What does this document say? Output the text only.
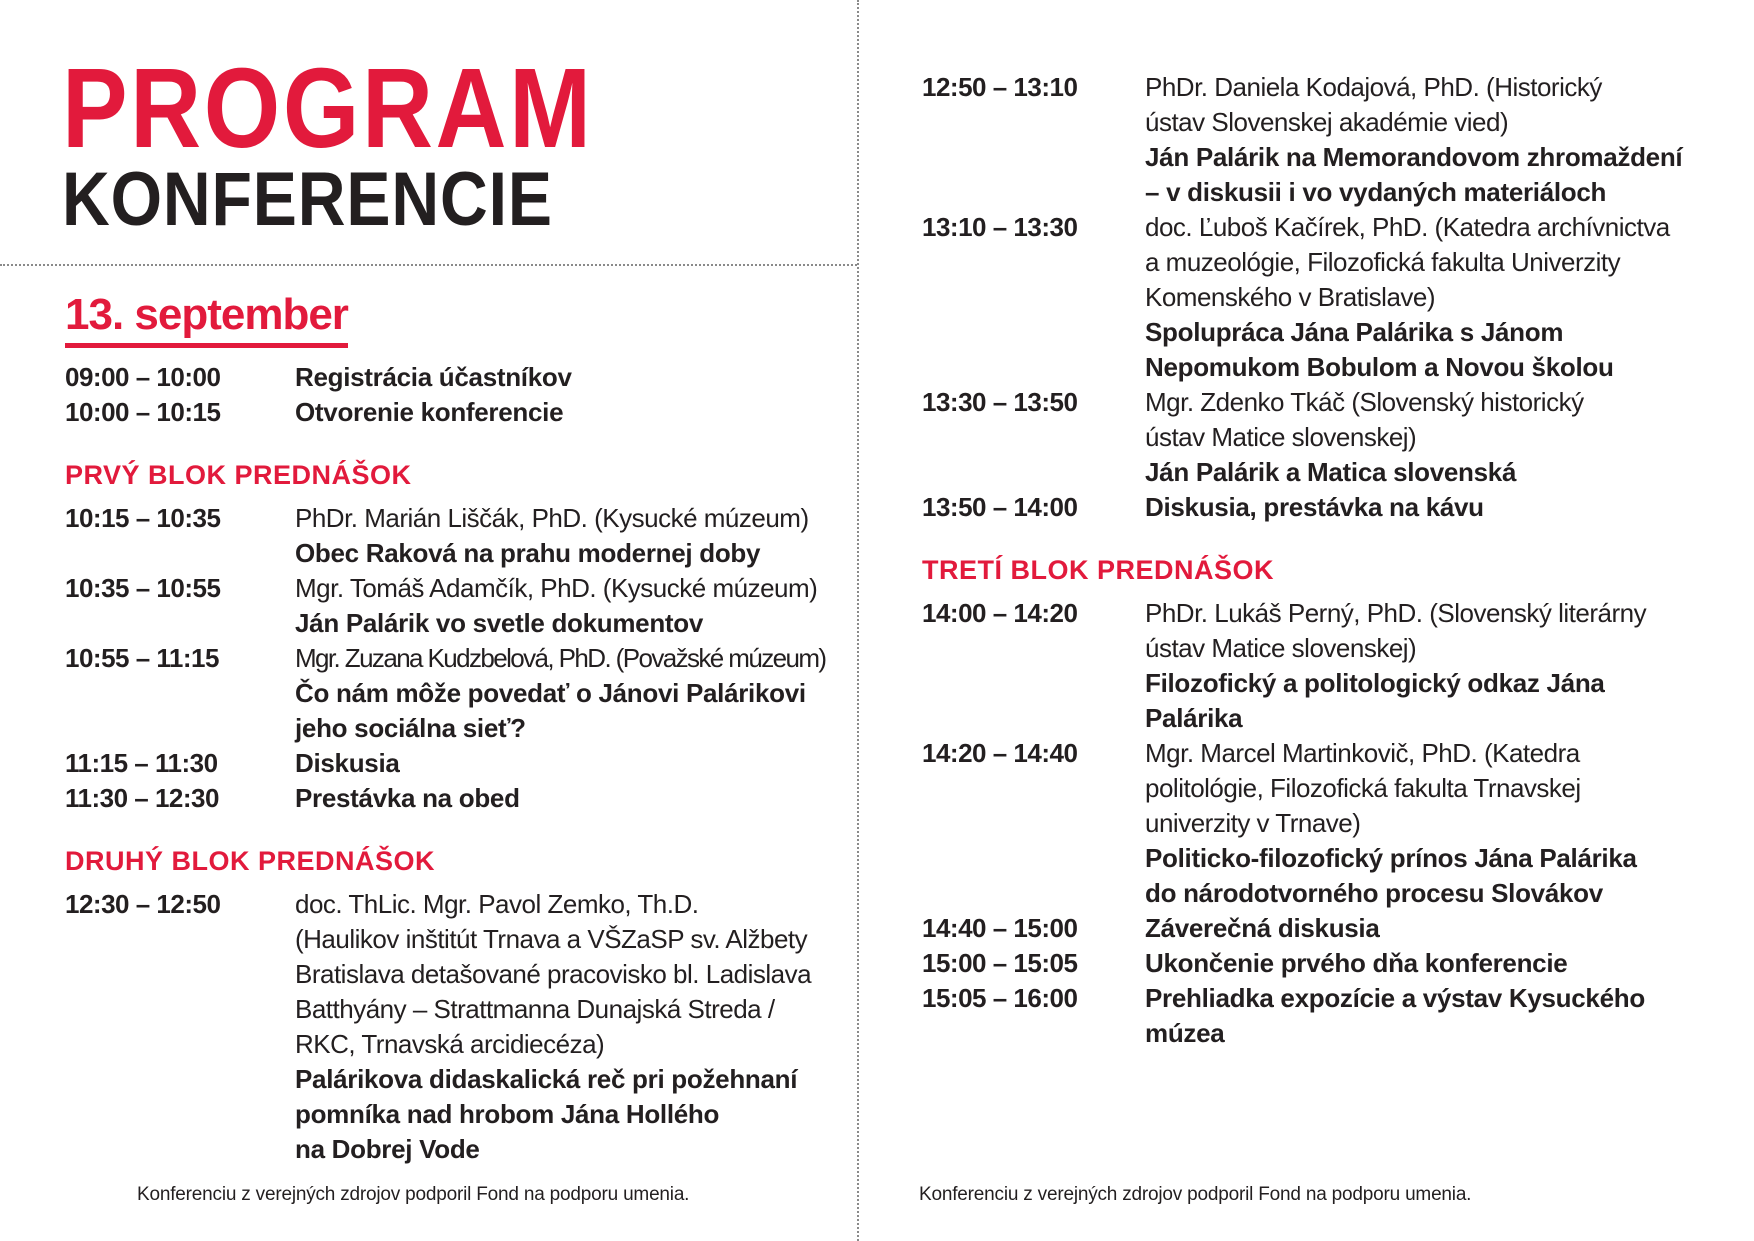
PROGRAM
KONFERENCIE
13. september
09:00 – 10:00	Registrácia účastníkov
10:00 – 10:15	Otvorenie konferencie
PRVÝ BLOK PREDNÁŠOK
10:15 – 10:35	PhDr. Marián Liščák, PhD. (Kysucké múzeum)
Obec Raková na prahu modernej doby
10:35 – 10:55	Mgr. Tomáš Adamčík, PhD. (Kysucké múzeum)
Ján Palárik vo svetle dokumentov
10:55 – 11:15	Mgr. Zuzana Kudzbelová, PhD. (Považské múzeum)
Čo nám môže povedať o Jánovi Palárikovi
jeho sociálna sieť?
11:15 – 11:30	Diskusia
11:30 – 12:30	Prestávka na obed
DRUHÝ BLOK PREDNÁŠOK
12:30 – 12:50	doc. ThLic. Mgr. Pavol Zemko, Th.D.
(Haulikov inštitút Trnava a VŠZaSP sv. Alžbety
Bratislava detašované pracovisko bl. Ladislava
Batthyány – Strattmanna Dunajská Streda /
RKC, Trnavská arcidiecéza)
Palárikova didaskalická reč pri požehnaní
pomníka nad hrobom Jána Hollého
na Dobrej Vode
12:50 – 13:10	PhDr. Daniela Kodajová, PhD. (Historický
ústav Slovenskej akadémie vied)
Ján Palárik na Memorandovom zhromaždení
– v diskusii i vo vydaných materiáloch
13:10 – 13:30	doc. Ľuboš Kačírek, PhD. (Katedra archívnictva
a muzeológie, Filozofická fakulta Univerzity
Komenského v Bratislave)
Spolupráca Jána Palárika s Jánom
Nepomukom Bobulom a Novou školou
13:30 – 13:50	Mgr. Zdenko Tkáč (Slovenský historický
ústav Matice slovenskej)
Ján Palárik a Matica slovenská
13:50 – 14:00	Diskusia, prestávka na kávu
TRETÍ BLOK PREDNÁŠOK
14:00 – 14:20	PhDr. Lukáš Perný, PhD. (Slovenský literárny
ústav Matice slovenskej)
Filozofický a politologický odkaz Jána
Palárika
14:20 – 14:40	Mgr. Marcel Martinkovič, PhD. (Katedra
politológie, Filozofická fakulta Trnavskej
univerzity v Trnave)
Politicko-filozofický prínos Jána Palárika
do národotvorného procesu Slovákov
14:40 – 15:00	Záverečná diskusia
15:00 – 15:05	Ukončenie prvého dňa konferencie
15:05 – 16:00	Prehliadka expozície a výstav Kysuckého
múzea
Konferenciu z verejných zdrojov podporil Fond na podporu umenia.	Konferenciu z verejných zdrojov podporil Fond na podporu umenia.
